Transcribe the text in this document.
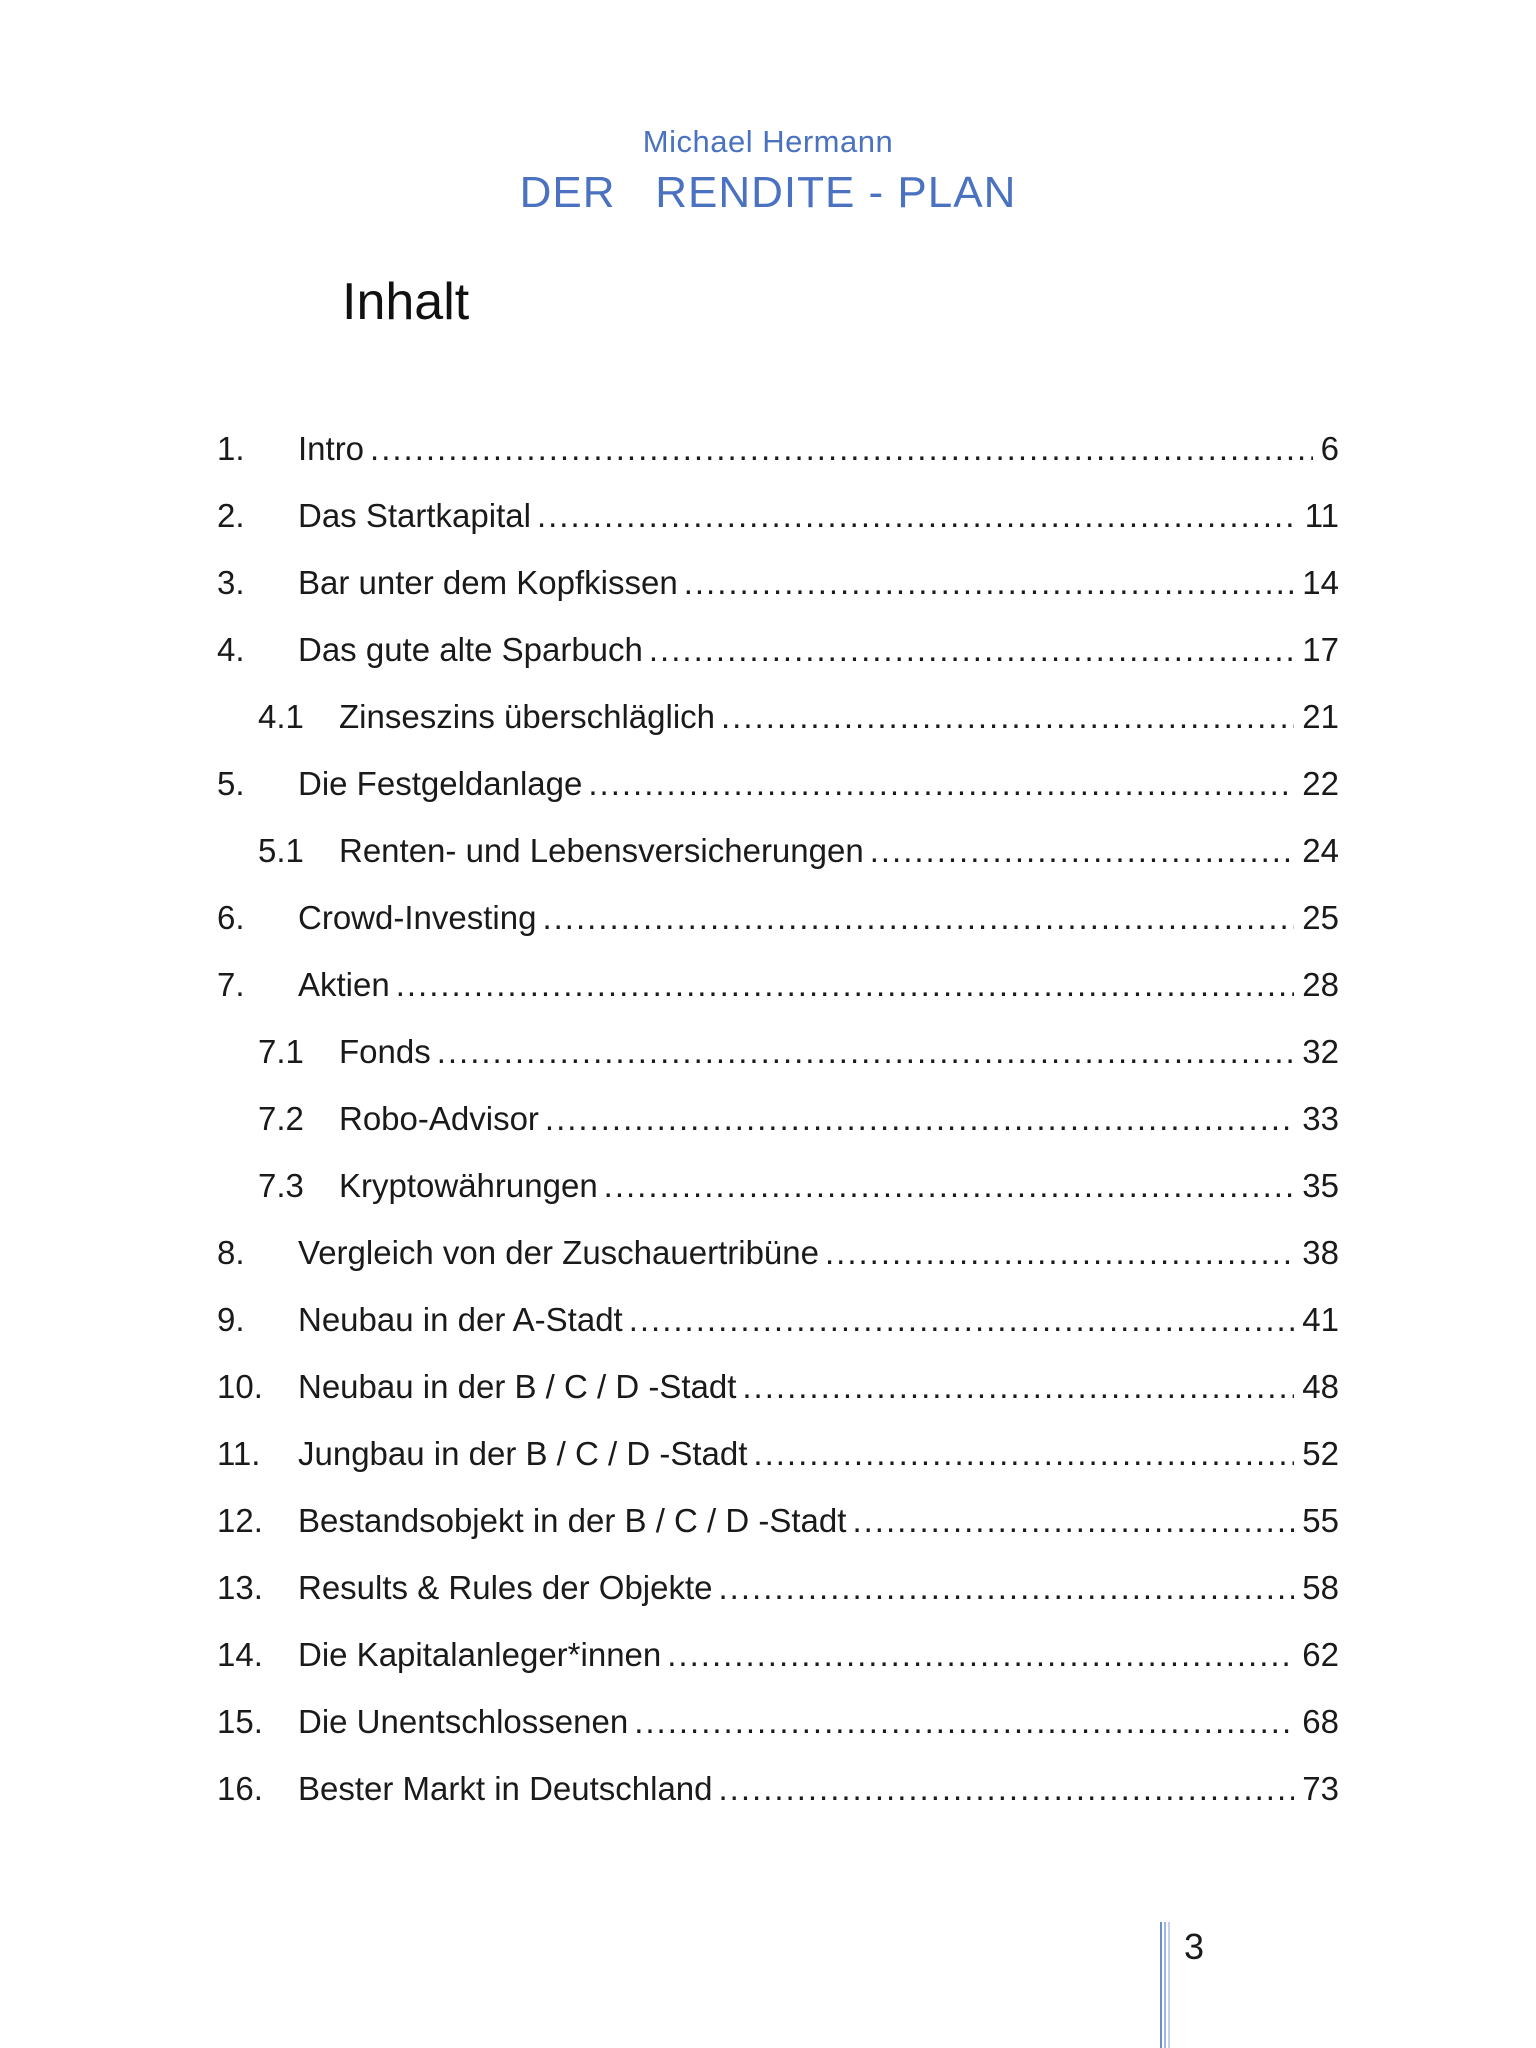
Michael Hermann
DER   RENDITE - PLAN
Inhalt
1.	Intro .....	6
2.	Das Startkapital .....	11
3.	Bar unter dem Kopfkissen .....	14
4.	Das gute alte Sparbuch .....	17
4.1	Zinseszins überschläglich .....	21
5.	Die Festgeldanlage .....	22
5.1	Renten- und Lebensversicherungen .....	24
6.	Crowd-Investing .....	25
7.	Aktien .....	28
7.1	Fonds .....	32
7.2	Robo-Advisor .....	33
7.3	Kryptowährungen .....	35
8.	Vergleich von der Zuschauertribüne .....	38
9.	Neubau in der A-Stadt .....	41
10.	Neubau in der B / C / D -Stadt .....	48
11.	Jungbau in der B / C / D -Stadt .....	52
12.	Bestandsobjekt in der B / C / D -Stadt .....	55
13.	Results & Rules der Objekte .....	58
14.	Die Kapitalanleger*innen .....	62
15.	Die Unentschlossenen .....	68
16.	Bester Markt in Deutschland .....	73
3
